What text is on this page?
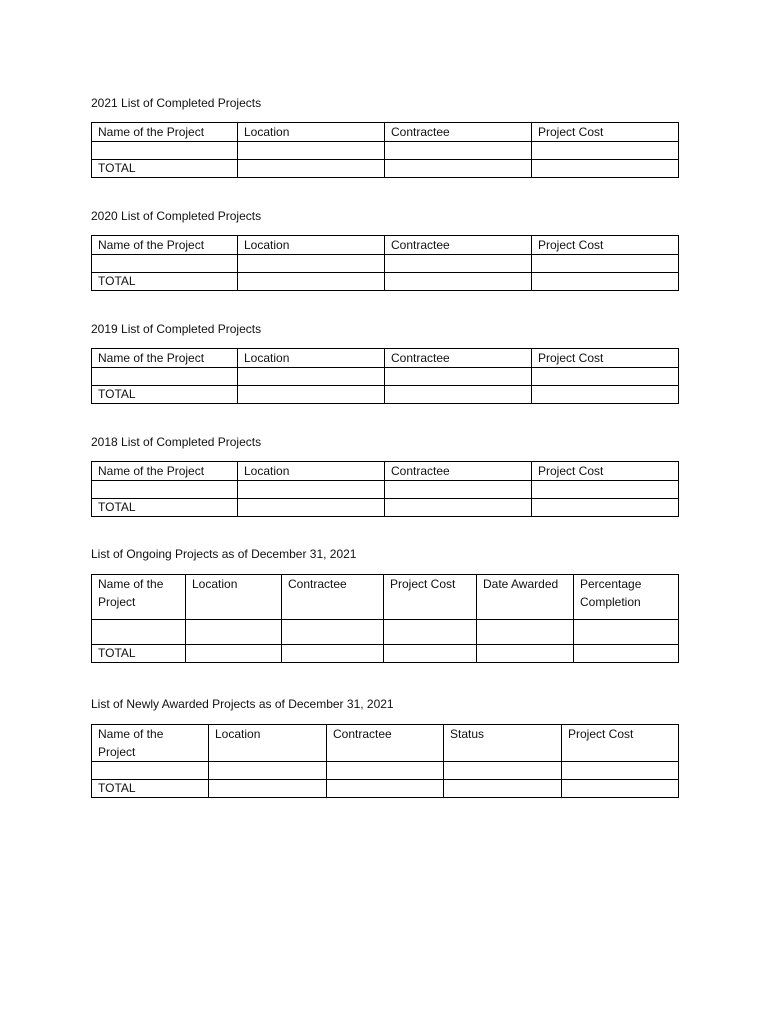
2021 List of Completed Projects

Name of the Project	Location	Contractee	Project Cost

TOTAL			

2020 List of Completed Projects

Name of the Project	Location	Contractee	Project Cost

TOTAL			

2019 List of Completed Projects

Name of the Project	Location	Contractee	Project Cost

TOTAL			

2018 List of Completed Projects

Name of the Project	Location	Contractee	Project Cost

TOTAL			

List of Ongoing Projects as of December 31, 2021

Name of the Project	Location	Contractee	Project Cost	Date Awarded	Percentage Completion

TOTAL					

List of Newly Awarded Projects as of December 31, 2021

Name of the Project	Location	Contractee	Status	Project Cost

TOTAL				
